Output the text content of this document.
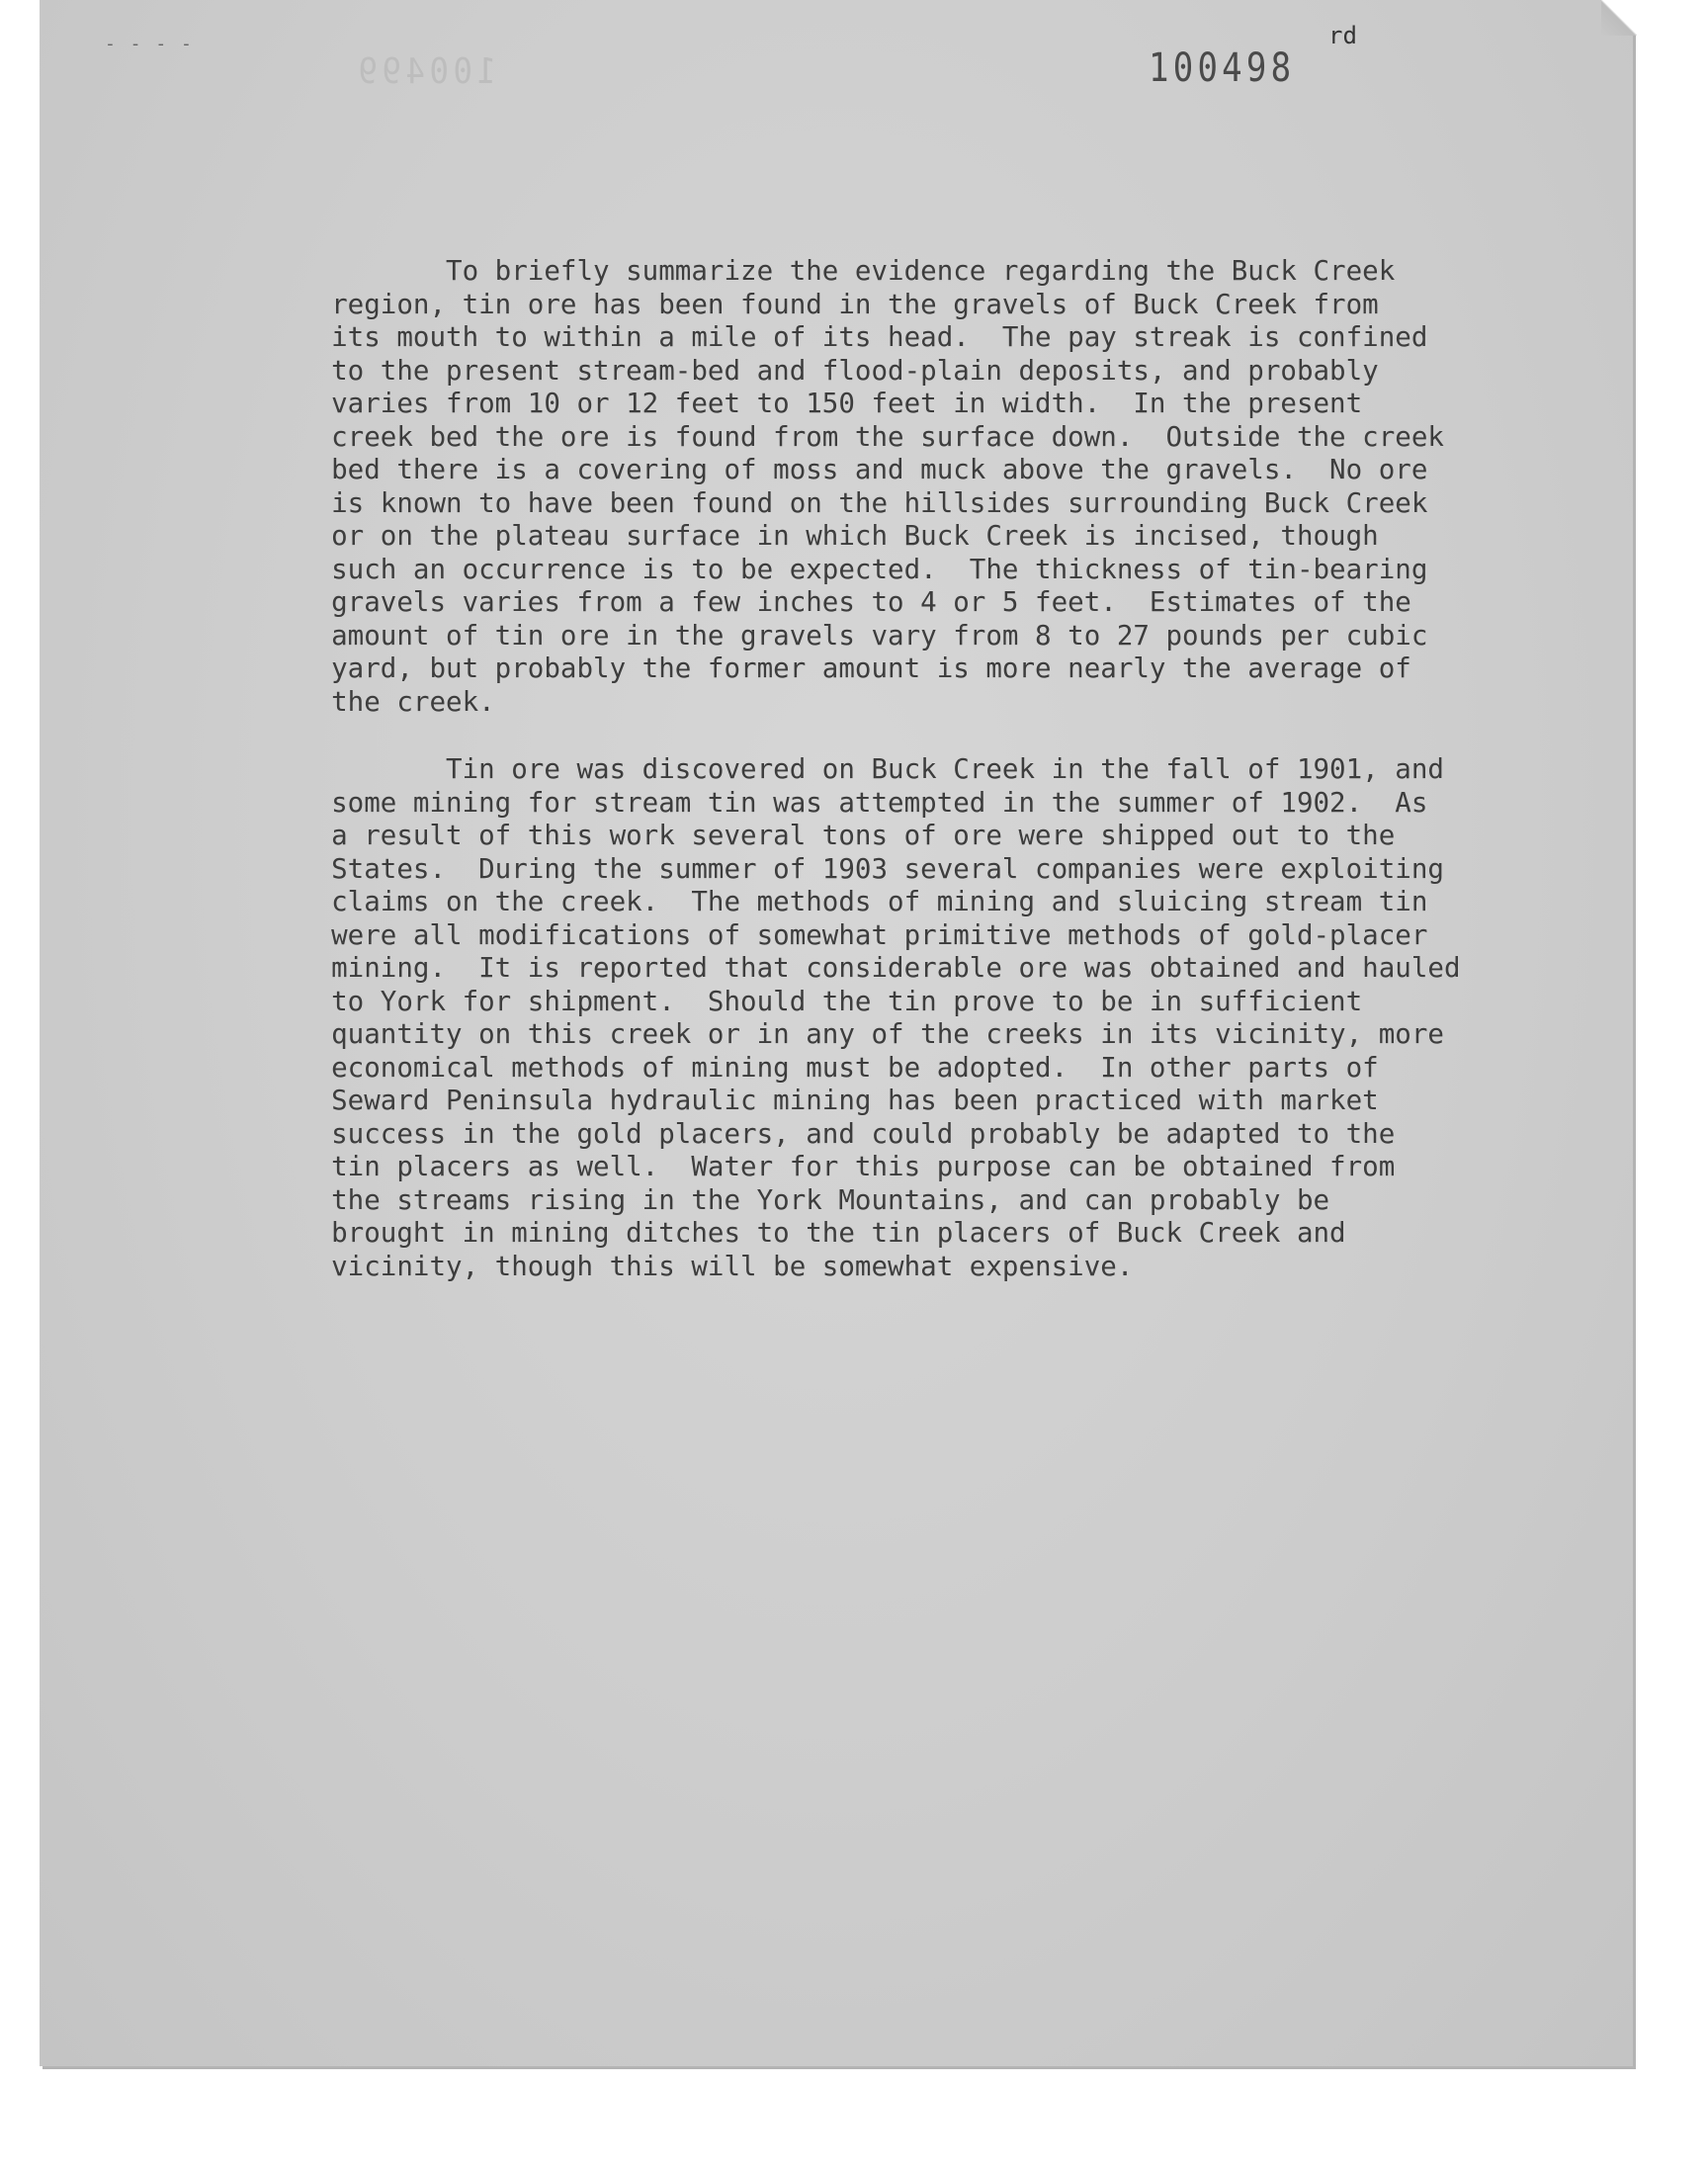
- - - -
100499	100498
rd

To briefly summarize the evidence regarding the Buck Creek
region, tin ore has been found in the gravels of Buck Creek from
its mouth to within a mile of its head.  The pay streak is confined
to the present stream-bed and flood-plain deposits, and probably
varies from 10 or 12 feet to 150 feet in width.  In the present
creek bed the ore is found from the surface down.  Outside the creek
bed there is a covering of moss and muck above the gravels.  No ore
is known to have been found on the hillsides surrounding Buck Creek
or on the plateau surface in which Buck Creek is incised, though
such an occurrence is to be expected.  The thickness of tin-bearing
gravels varies from a few inches to 4 or 5 feet.  Estimates of the
amount of tin ore in the gravels vary from 8 to 27 pounds per cubic
yard, but probably the former amount is more nearly the average of
the creek.

Tin ore was discovered on Buck Creek in the fall of 1901, and
some mining for stream tin was attempted in the summer of 1902.  As
a result of this work several tons of ore were shipped out to the
States.  During the summer of 1903 several companies were exploiting
claims on the creek.  The methods of mining and sluicing stream tin
were all modifications of somewhat primitive methods of gold-placer
mining.  It is reported that considerable ore was obtained and hauled
to York for shipment.  Should the tin prove to be in sufficient
quantity on this creek or in any of the creeks in its vicinity, more
economical methods of mining must be adopted.  In other parts of
Seward Peninsula hydraulic mining has been practiced with market
success in the gold placers, and could probably be adapted to the
tin placers as well.  Water for this purpose can be obtained from
the streams rising in the York Mountains, and can probably be
brought in mining ditches to the tin placers of Buck Creek and
vicinity, though this will be somewhat expensive.
